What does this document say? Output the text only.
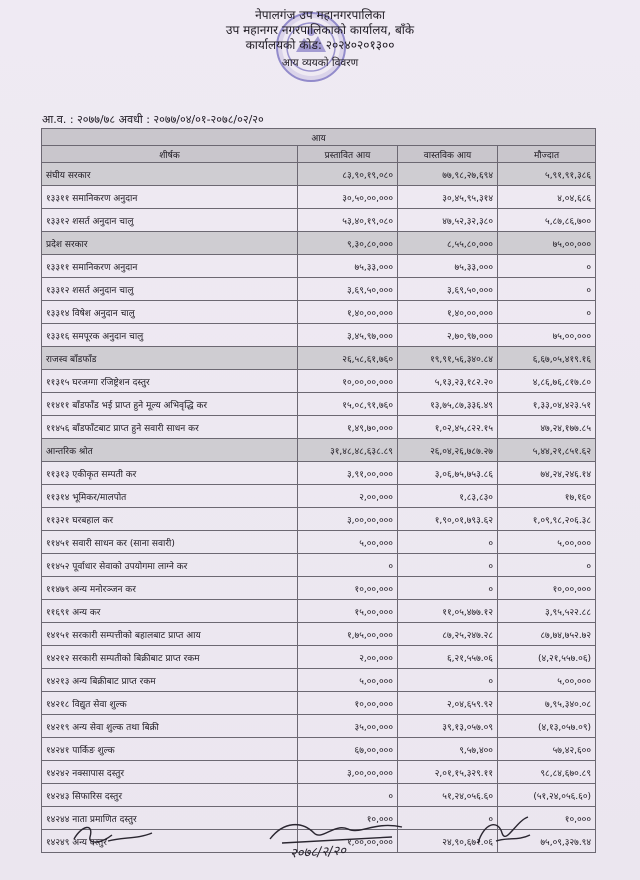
नेपालगंज उप महानगरपालिका
उप महानगर नगरपालिकाको कार्यालय, बाँके
कार्यालयको कोड: २०२४०२०१३००
आय व्ययको विवरण
आ.व. : २०७७/७८ अवधी : २०७७/०४/०१-२०७८/०२/२०
आय			
शीर्षक	प्रस्तावित आय	वास्तविक आय	मौज्दात
संघीय सरकार	८३,९०,१९,०८०	७७,९८,२७,६९४	५,९१,९१,३८६
१३३११ समानिकरण अनुदान	३०,५०,००,०००	३०,४५,९५,३१४	४,०४,६८६
१३३१२ शसर्त अनुदान चालु	५३,४०,१९,०८०	४७,५२,३२,३८०	५,८७,८६,७००
प्रदेश सरकार	९,३०,८०,०००	८,५५,८०,०००	७५,००,०००
१३३११ समानिकरण अनुदान	७५,३३,०००	७५,३३,०००	०
१३३१२ शसर्त अनुदान चालु	३,६९,५०,०००	३,६९,५०,०००	०
१३३१४ विषेश अनुदान चालु	१,४०,००,०००	१,४०,००,०००	०
१३३१६ समपूरक अनुदान चालु	३,४५,९७,०००	२,७०,९७,०००	७५,००,०००
राजस्व बाँडफाँड	२६,५८,६१,७६०	१९,९१,५६,३४०.८४	६,६७,०५,४१९.१६
११३१५ घरजग्गा रजिष्ट्रेशन दस्तुर	१०,००,००,०००	५,१३,२३,१८२.२०	४,८६,७६,८१७.८०
११४११ बाँडफाँड भई प्राप्त हुने मूल्य अभिवृद्धि कर	१५,०८,९१,७६०	१३,७५,८७,३३६.४९	१,३३,०४,४२३.५१
११४५६ बाँडफाँटबाट प्राप्त हुने सवारी साधन कर	१,४९,७०,०००	१,०२,४५,८२२.१५	४७,२४,१७७.८५
आन्तरिक श्रोत	३१,४८,४८,६३८.८९	२६,०४,२६,७८७.२७	५,४४,२१,८५१.६२
११३१३ एकीकृत सम्पती कर	३,९१,००,०००	३,०६,७५,७५३.८६	७४,२४,२४६.१४
११३१४ भूमिकर/मालपोत	२,००,०००	१,८३,८३०	१७,१६०
११३२१ घरबहाल कर	३,००,००,०००	१,९०,०१,७९३.६२	१,०९,९८,२०६.३८
११४५१ सवारी साधन कर (साना सवारी)	५,००,०००	०	५,००,०००
११४५२ पूर्वाधार सेवाको उपयोगमा लाग्ने कर	०	०	०
११४७९ अन्य मनोरञ्जन कर	१०,००,०००	०	१०,००,०००
११६९१ अन्य कर	१५,००,०००	११,०५,४७७.१२	३,९५,५२२.८८
१४१५१ सरकारी सम्पत्तीको बहालबाट प्राप्त आय	१,७५,००,०००	८७,२५,२४७.२८	८७,७४,७५२.७२
१४२१२ सरकारी सम्पतीको बिक्रीबाट प्राप्त रकम	२,००,०००	६,२१,५५७.०६	(४,२१,५५७.०६)
१४२१३ अन्य बिक्रीबाट प्राप्त रकम	५,००,०००	०	५,००,०००
१४२१८ विद्युत सेवा शुल्क	१०,००,०००	२,०४,६५९.९२	७,९५,३४०.०८
१४२१९ अन्य सेवा शुल्क तथा बिक्री	३५,००,०००	३९,१३,०५७.०९	(४,१३,०५७.०९)
१४२४१ पार्किङ शुल्क	६७,००,०००	९,५७,४००	५७,४२,६००
१४२४२ नक्सापास दस्तुर	३,००,००,०००	२,०१,१५,३२९.११	९८,८४,६७०.८९
१४२४३ सिफारिस दस्तुर	०	५१,२४,०५६.६०	(५१,२४,०५६.६०)
१४२४४ नाता प्रमाणित दस्तुर	१०,०००	०	१०,०००
१४२४९ अन्य दस्तुर	१,००,००,०००	२४,९०,६७२.०६	७५,०९,३२७.९४
२०७८/२/२०
